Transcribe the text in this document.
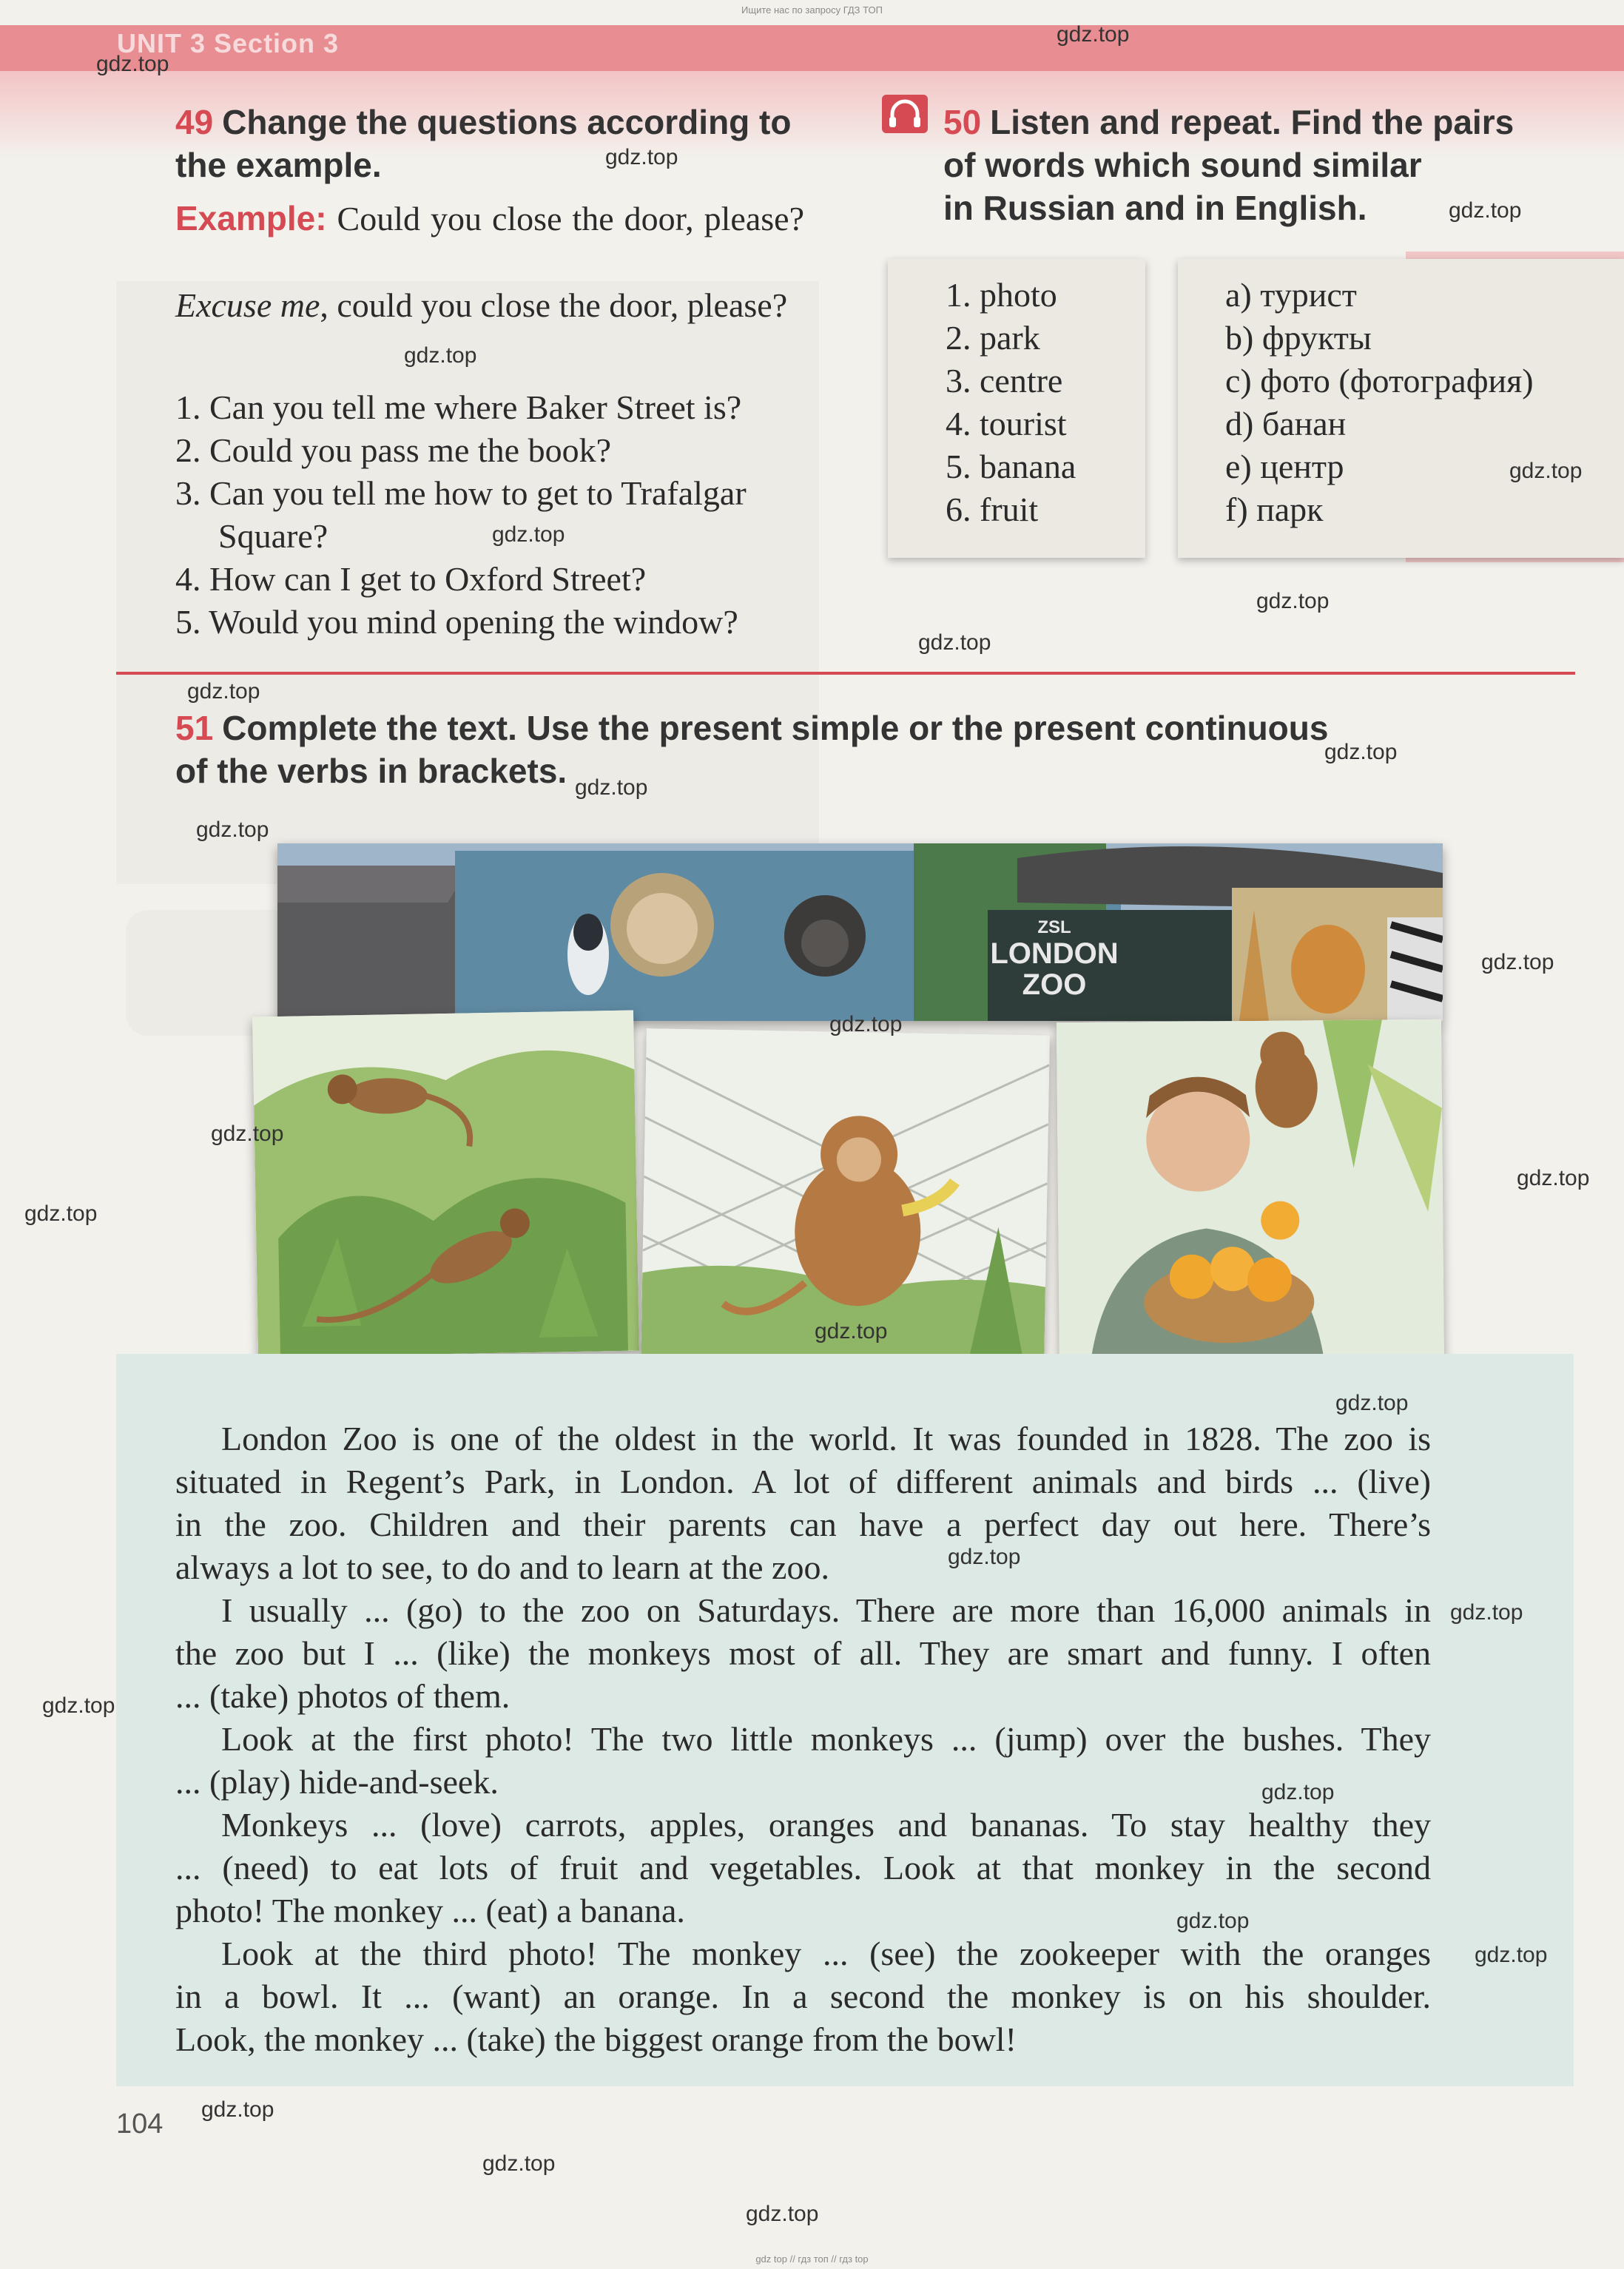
Ищите нас по запросу ГДЗ ТОП
UNIT 3 Section 3
49 Change the questions according to the example.
Example: Could you close the door, please?
Excuse me, could you close the door, please?
1. Can you tell me where Baker Street is?
2. Could you pass me the book?
3. Can you tell me how to get to Trafalgar
Square?
4. How can I get to Oxford Street?
5. Would you mind opening the window?
50 Listen and repeat. Find the pairs
of words which sound similar
in Russian and in English.
1. photo
2. park
3. centre
4. tourist
5. banana
6. fruit
a) турист
b) фрукты
c) фото (фотография)
d) банан
e) центр
f) парк
51 Complete the text. Use the present simple or the present continuous
of the verbs in brackets.
ZSL
LONDON
ZOO
London Zoo is one of the oldest in the world. It was founded in 1828. The zoo is
situated in Regent’s Park, in London. A lot of different animals and birds ... (live)
in the zoo. Children and their parents can have a perfect day out here. There’s
always a lot to see, to do and to learn at the zoo.
I usually ... (go) to the zoo on Saturdays. There are more than 16,000 animals in
the zoo but I ... (like) the monkeys most of all. They are smart and funny. I often
... (take) photos of them.
Look at the first photo! The two little monkeys ... (jump) over the bushes. They
... (play) hide-and-seek.
Monkeys ... (love) carrots, apples, oranges and bananas. To stay healthy they
... (need) to eat lots of fruit and vegetables. Look at that monkey in the second
photo! The monkey ... (eat) a banana.
Look at the third photo! The monkey ... (see) the zookeeper with the oranges
in a bowl. It ... (want) an orange. In a second the monkey is on his shoulder.
Look, the monkey ... (take) the biggest orange from the bowl!
104
gdz.top
gdz.top
gdz.top
gdz.top
gdz.top
gdz.top
gdz.top
gdz.top
gdz.top
gdz.top
gdz.top
gdz.top
gdz.top
gdz.top
gdz.top
gdz.top
gdz.top
gdz.top
gdz.top
gdz.top
gdz.top
gdz.top
gdz.top
gdz.top
gdz.top
gdz.top
gdz.top
gdz.top
gdz.top
gdz top // гдз топ // гдз top
